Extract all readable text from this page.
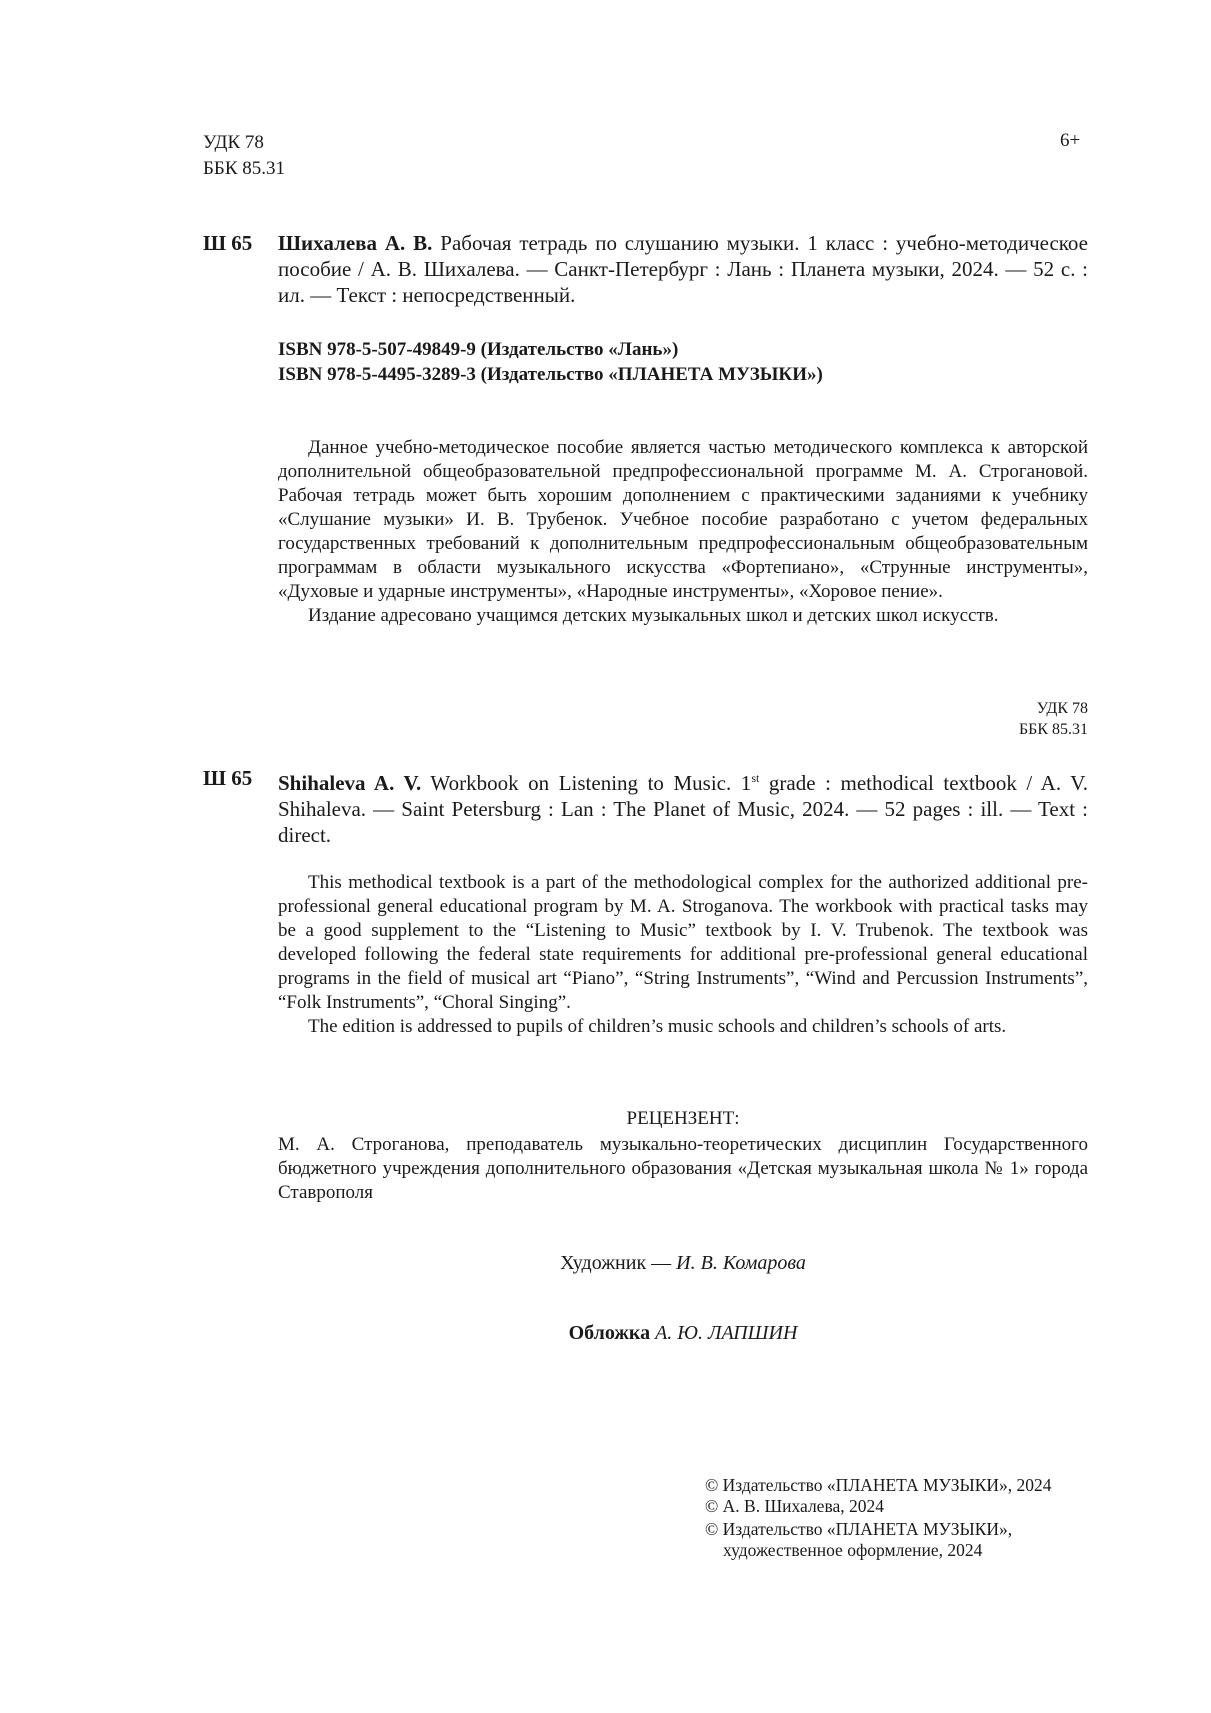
УДК 78
ББК 85.31
6+
Ш 65 Шихалева А. В. Рабочая тетрадь по слушанию музыки. 1 класс : учебно-методическое пособие / А. В. Шихалева. — Санкт-Петербург : Лань : Планета музыки, 2024. — 52 с. : ил. — Текст : непосредственный.
ISBN 978-5-507-49849-9 (Издательство «Лань»)
ISBN 978-5-4495-3289-3 (Издательство «ПЛАНЕТА МУЗЫКИ»)

Данное учебно-методическое пособие является частью методического комплекса к авторской дополнительной общеобразовательной предпрофессиональной программе М. А. Строгановой. Рабочая тетрадь может быть хорошим дополнением с практическими заданиями к учебнику «Слушание музыки» И. В. Трубенок. Учебное пособие разработано с учетом федеральных государственных требований к дополнительным предпрофессиональным общеобразовательным программам в области музыкального искусства «Фортепиано», «Струнные инструменты», «Духовые и ударные инструменты», «Народные инструменты», «Хоровое пение».

Издание адресовано учащимся детских музыкальных школ и детских школ искусств.

УДК 78
ББК 85.31
Ш 65 Shihaleva A. V. Workbook on Listening to Music. 1st grade : methodical textbook / A. V. Shihaleva. — Saint Petersburg : Lan : The Planet of Music, 2024. — 52 pages : ill. — Text : direct.

This methodical textbook is a part of the methodological complex for the authorized additional pre-professional general educational program by M. A. Stroganova. The workbook with practical tasks may be a good supplement to the “Listening to Music” textbook by I. V. Trubenok. The textbook was developed following the federal state requirements for additional pre-professional general educational programs in the field of musical art “Piano”, “String Instruments”, “Wind and Percussion Instruments”, “Folk Instruments”, “Choral Singing”.

The edition is addressed to pupils of children’s music schools and children’s schools of arts.

РЕЦЕНЗЕНТ:
М. А. Строганова, преподаватель музыкально-теоретических дисциплин Государственного бюджетного учреждения дополнительного образования «Детская музыкальная школа № 1» города Ставрополя
Художник — И. В. Комарова
Обложка А. Ю. ЛАПШИН
© Издательство «ПЛАНЕТА МУЗЫКИ», 2024
© А. В. Шихалева, 2024
© Издательство «ПЛАНЕТА МУЗЫКИ»,
художественное оформление, 2024
